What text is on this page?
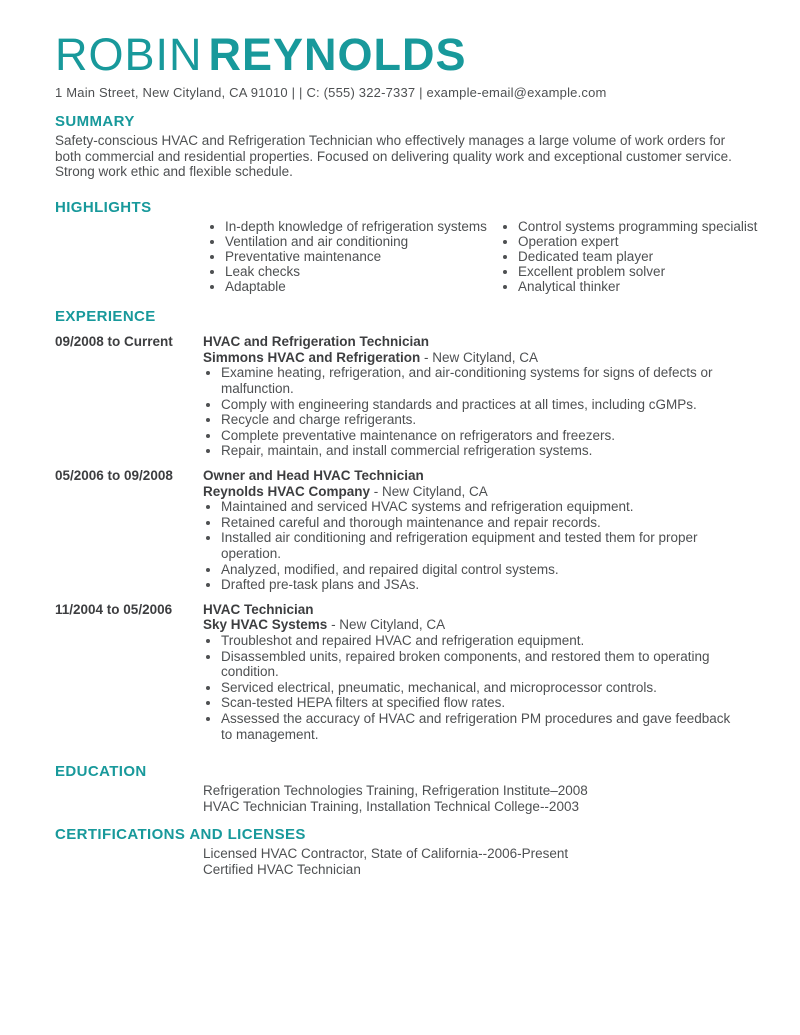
ROBIN REYNOLDS
1 Main Street, New Cityland, CA 91010 | | C: (555) 322-7337 | example-email@example.com
SUMMARY

Safety-conscious HVAC and Refrigeration Technician who effectively manages a large volume of work orders for both commercial and residential properties. Focused on delivering quality work and exceptional customer service. Strong work ethic and flexible schedule.

HIGHLIGHTS
• In-depth knowledge of refrigeration systems
• Ventilation and air conditioning
• Preventative maintenance
• Leak checks
• Adaptable
• Control systems programming specialist
• Operation expert
• Dedicated team player
• Excellent problem solver
• Analytical thinker
EXPERIENCE
09/2008 to Current	HVAC and Refrigeration Technician
Simmons HVAC and Refrigeration - New Cityland, CA
• Examine heating, refrigeration, and air-conditioning systems for signs of defects or malfunction.
• Comply with engineering standards and practices at all times, including cGMPs.
• Recycle and charge refrigerants.
• Complete preventative maintenance on refrigerators and freezers.
• Repair, maintain, and install commercial refrigeration systems.
05/2006 to 09/2008	Owner and Head HVAC Technician
Reynolds HVAC Company - New Cityland, CA
• Maintained and serviced HVAC systems and refrigeration equipment.
• Retained careful and thorough maintenance and repair records.
• Installed air conditioning and refrigeration equipment and tested them for proper operation.
• Analyzed, modified, and repaired digital control systems.
• Drafted pre-task plans and JSAs.
11/2004 to 05/2006	HVAC Technician
Sky HVAC Systems - New Cityland, CA
• Troubleshot and repaired HVAC and refrigeration equipment.
• Disassembled units, repaired broken components, and restored them to operating condition.
• Serviced electrical, pneumatic, mechanical, and microprocessor controls.
• Scan-tested HEPA filters at specified flow rates.
• Assessed the accuracy of HVAC and refrigeration PM procedures and gave feedback to management.
EDUCATION
Refrigeration Technologies Training, Refrigeration Institute–2008
HVAC Technician Training, Installation Technical College--2003
CERTIFICATIONS AND LICENSES
Licensed HVAC Contractor, State of California--2006-Present
Certified HVAC Technician
